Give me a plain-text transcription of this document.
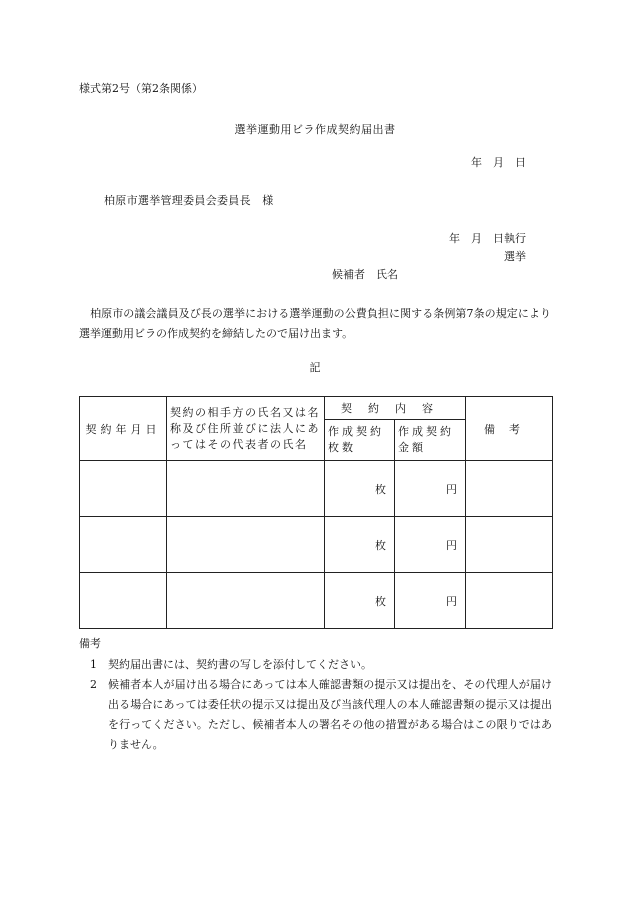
様式第2号（第2条関係）
選挙運動用ビラ作成契約届出書
年　月　日
柏原市選挙管理委員会委員長　様
年　月　日執行
選挙
候補者　氏名
　柏原市の議会議員及び長の選挙における選挙運動の公費負担に関する条例第7条の規定により選挙運動用ビラの作成契約を締結したので届け出ます。
記
契約年月日	契約の相手方の氏名又は名称及び住所並びに法人にあってはその代表者の氏名	契約内容		備考
		作成契約枚数	作成契約金額	
		枚	円	
		枚	円	
		枚	円	
備考
1 契約届出書には、契約書の写しを添付してください。
2 候補者本人が届け出る場合にあっては本人確認書類の提示又は提出を、その代理人が届け出る場合にあっては委任状の提示又は提出及び当該代理人の本人確認書類の提示又は提出を行ってください。ただし、候補者本人の署名その他の措置がある場合はこの限りではありません。
